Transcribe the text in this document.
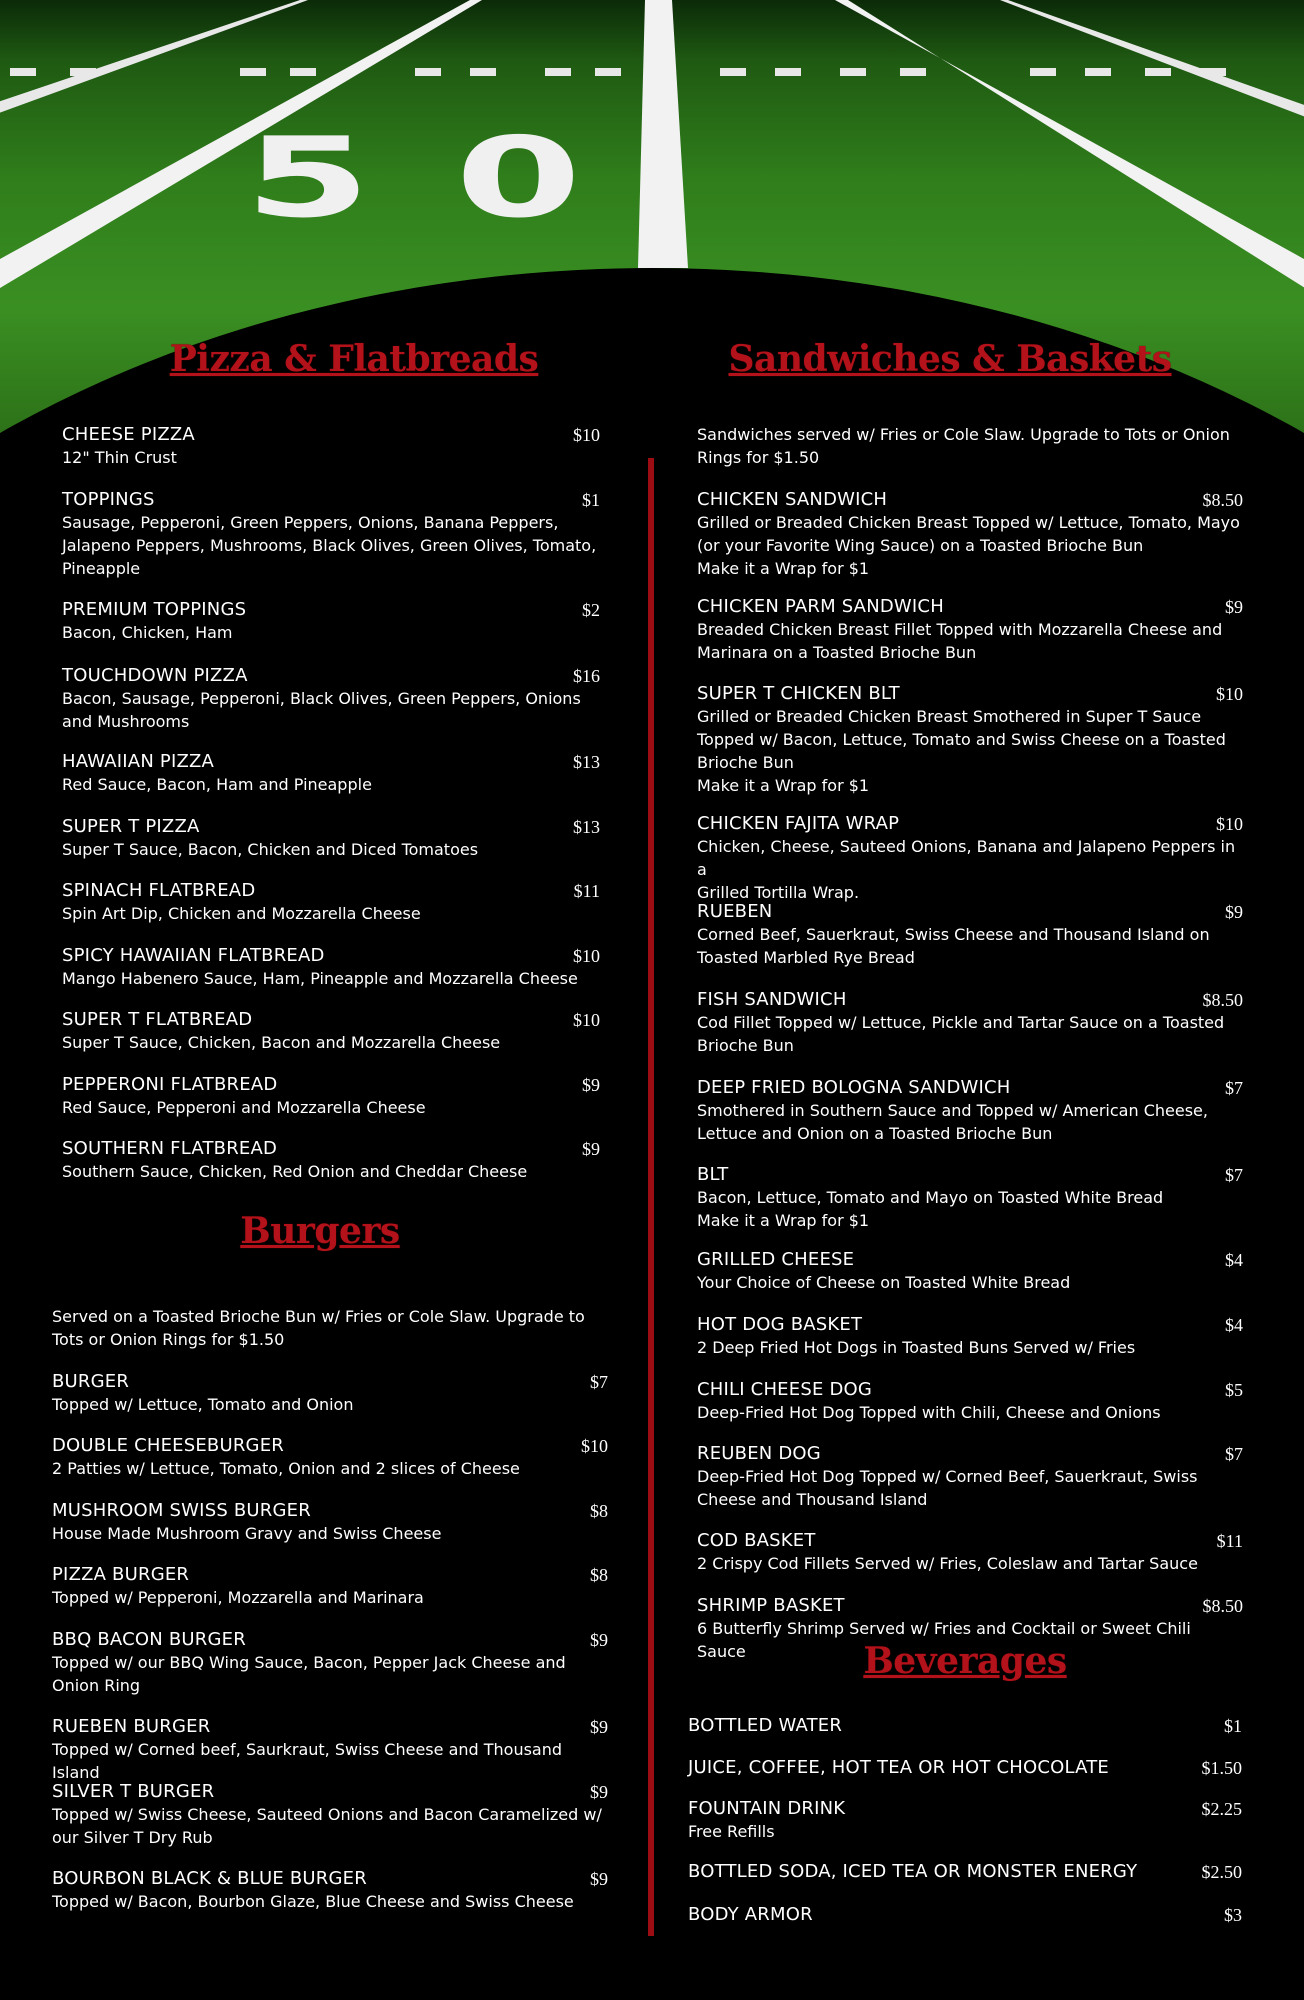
50
Pizza & Flatbreads
CHEESE PIZZA	$10
12" Thin Crust
TOPPINGS	$1
Sausage, Pepperoni, Green Peppers, Onions, Banana Peppers,
Jalapeno Peppers, Mushrooms, Black Olives, Green Olives, Tomato,
Pineapple
PREMIUM TOPPINGS	$2
Bacon, Chicken, Ham
TOUCHDOWN PIZZA	$16
Bacon, Sausage, Pepperoni, Black Olives, Green Peppers, Onions
and Mushrooms
HAWAIIAN PIZZA	$13
Red Sauce, Bacon, Ham and Pineapple
SUPER T PIZZA	$13
Super T Sauce, Bacon, Chicken and Diced Tomatoes
SPINACH FLATBREAD	$11
Spin Art Dip, Chicken and Mozzarella Cheese
SPICY HAWAIIAN FLATBREAD	$10
Mango Habenero Sauce, Ham, Pineapple and Mozzarella Cheese
SUPER T FLATBREAD	$10
Super T Sauce, Chicken, Bacon and Mozzarella Cheese
PEPPERONI FLATBREAD	$9
Red Sauce, Pepperoni and Mozzarella Cheese
SOUTHERN FLATBREAD	$9
Southern Sauce, Chicken, Red Onion and Cheddar Cheese
Burgers
Served on a Toasted Brioche Bun w/ Fries or Cole Slaw. Upgrade to
Tots or Onion Rings for $1.50
BURGER	$7
Topped w/ Lettuce, Tomato and Onion
DOUBLE CHEESEBURGER	$10
2 Patties w/ Lettuce, Tomato, Onion and 2 slices of Cheese
MUSHROOM SWISS BURGER	$8
House Made Mushroom Gravy and Swiss Cheese
PIZZA BURGER	$8
Topped w/ Pepperoni, Mozzarella and Marinara
BBQ BACON BURGER	$9
Topped w/ our BBQ Wing Sauce, Bacon, Pepper Jack Cheese and
Onion Ring
RUEBEN BURGER	$9
Topped w/ Corned beef, Saurkraut, Swiss Cheese and Thousand Island
SILVER T BURGER	$9
Topped w/ Swiss Cheese, Sauteed Onions and Bacon Caramelized w/
our Silver T Dry Rub
BOURBON BLACK & BLUE BURGER	$9
Topped w/ Bacon, Bourbon Glaze, Blue Cheese and Swiss Cheese
Sandwiches & Baskets
Sandwiches served w/ Fries or Cole Slaw. Upgrade to Tots or Onion
Rings for $1.50
CHICKEN SANDWICH	$8.50
Grilled or Breaded Chicken Breast Topped w/ Lettuce, Tomato, Mayo
(or your Favorite Wing Sauce) on a Toasted Brioche Bun
Make it a Wrap for $1
CHICKEN PARM SANDWICH	$9
Breaded Chicken Breast Fillet Topped with Mozzarella Cheese and
Marinara on a Toasted Brioche Bun
SUPER T CHICKEN BLT	$10
Grilled or Breaded Chicken Breast Smothered in Super T Sauce
Topped w/ Bacon, Lettuce, Tomato and Swiss Cheese on a Toasted
Brioche Bun
Make it a Wrap for $1
CHICKEN FAJITA WRAP	$10
Chicken, Cheese, Sauteed Onions, Banana and Jalapeno Peppers in a
Grilled Tortilla Wrap.
RUEBEN	$9
Corned Beef, Sauerkraut, Swiss Cheese and Thousand Island on
Toasted Marbled Rye Bread
FISH SANDWICH	$8.50
Cod Fillet Topped w/ Lettuce, Pickle and Tartar Sauce on a Toasted
Brioche Bun
DEEP FRIED BOLOGNA SANDWICH	$7
Smothered in Southern Sauce and Topped w/ American Cheese,
Lettuce and Onion on a Toasted Brioche Bun
BLT	$7
Bacon, Lettuce, Tomato and Mayo on Toasted White Bread
Make it a Wrap for $1
GRILLED CHEESE	$4
Your Choice of Cheese on Toasted White Bread
HOT DOG BASKET	$4
2 Deep Fried Hot Dogs in Toasted Buns Served w/ Fries
CHILI CHEESE DOG	$5
Deep-Fried Hot Dog Topped with Chili, Cheese and Onions
REUBEN DOG	$7
Deep-Fried Hot Dog Topped w/ Corned Beef, Sauerkraut, Swiss
Cheese and Thousand Island
COD BASKET	$11
2 Crispy Cod Fillets Served w/ Fries, Coleslaw and Tartar Sauce
SHRIMP BASKET	$8.50
6 Butterfly Shrimp Served w/ Fries and Cocktail or Sweet Chili Sauce	Beverages
BOTTLED WATER	$1
JUICE, COFFEE, HOT TEA OR HOT CHOCOLATE	$1.50
FOUNTAIN DRINK	$2.25
Free Refills
BOTTLED SODA, ICED TEA OR MONSTER ENERGY	$2.50
BODY ARMOR	$3
